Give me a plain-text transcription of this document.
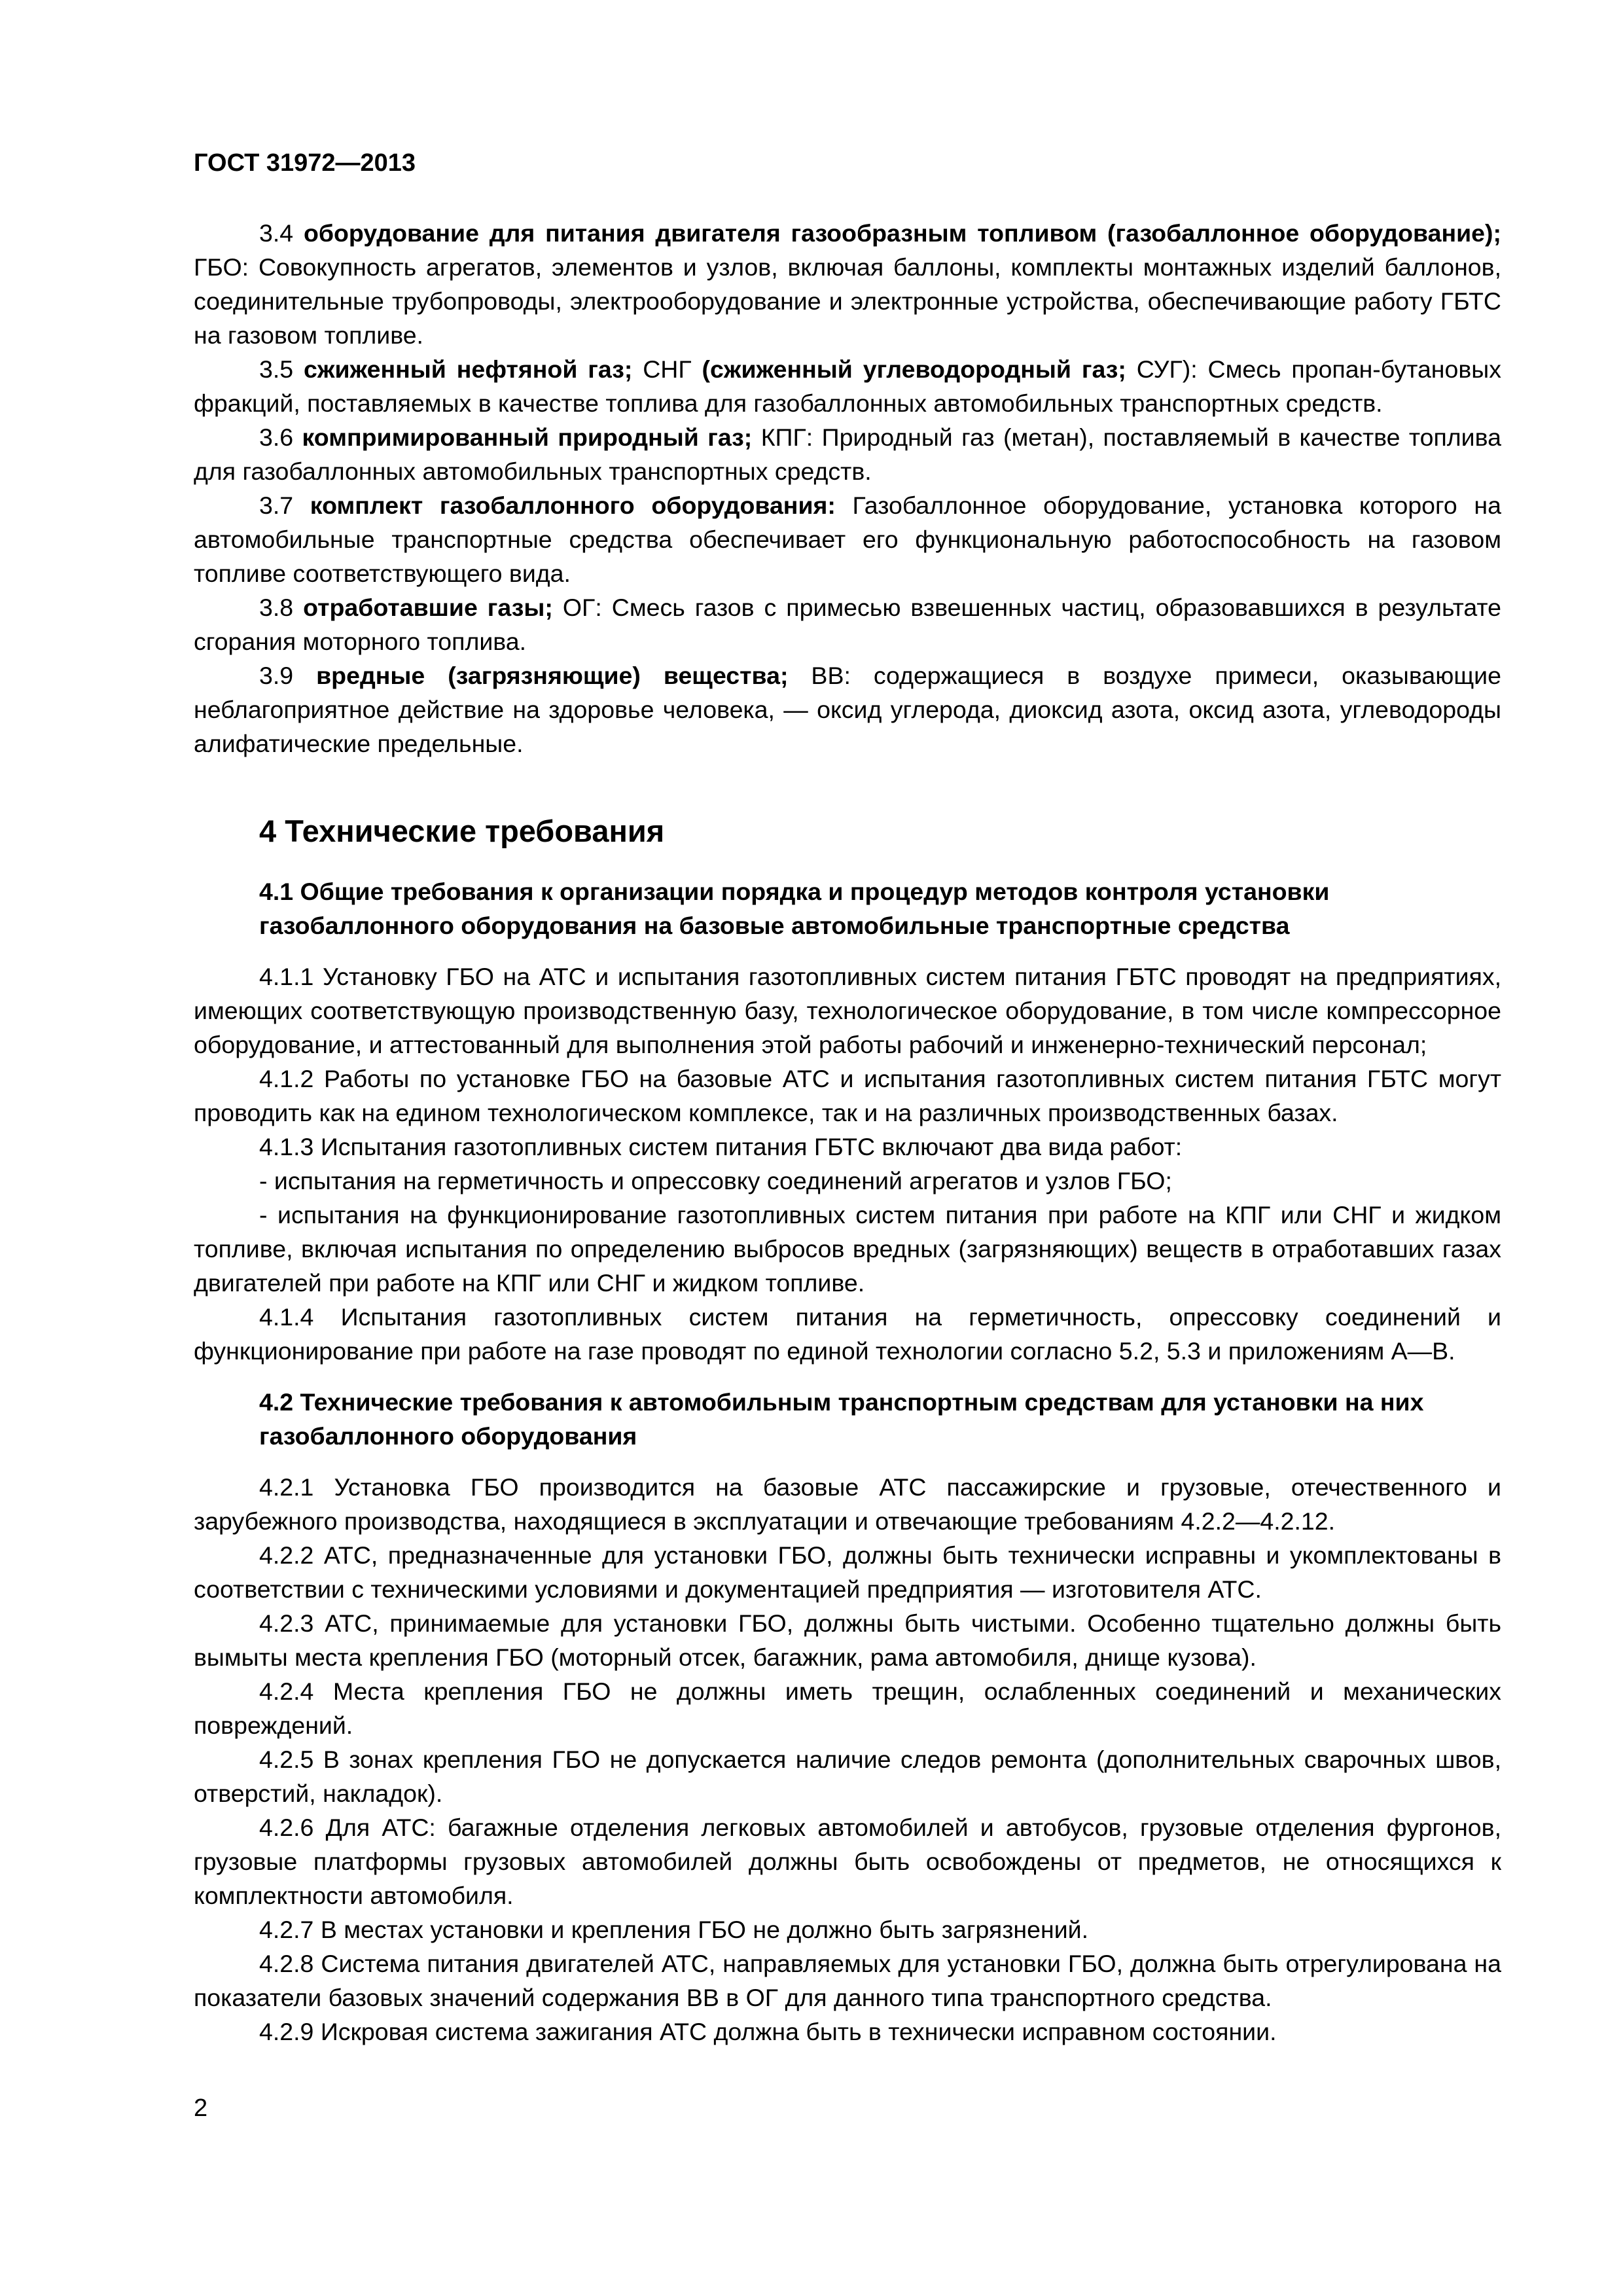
ГОСТ 31972—2013

3.4 оборудование для питания двигателя газообразным топливом (газобаллонное оборудование); ГБО: Совокупность агрегатов, элементов и узлов, включая баллоны, комплекты монтажных изделий баллонов, соединительные трубопроводы, электрооборудование и электронные устройства, обеспечивающие работу ГБТС на газовом топливе.

3.5 сжиженный нефтяной газ; СНГ (сжиженный углеводородный газ; СУГ): Смесь пропан-бутановых фракций, поставляемых в качестве топлива для газобаллонных автомобильных транспортных средств.

3.6 компримированный природный газ; КПГ: Природный газ (метан), поставляемый в качестве топлива для газобаллонных автомобильных транспортных средств.

3.7 комплект газобаллонного оборудования: Газобаллонное оборудование, установка которого на автомобильные транспортные средства обеспечивает его функциональную работоспособность на газовом топливе соответствующего вида.

3.8 отработавшие газы; ОГ: Смесь газов с примесью взвешенных частиц, образовавшихся в результате сгорания моторного топлива.

3.9 вредные (загрязняющие) вещества; ВВ: содержащиеся в воздухе примеси, оказывающие неблагоприятное действие на здоровье человека, — оксид углерода, диоксид азота, оксид азота, углеводороды алифатические предельные.

4 Технические требования
4.1 Общие требования к организации порядка и процедур методов контроля установки газобаллонного оборудования на базовые автомобильные транспортные средства

4.1.1 Установку ГБО на АТС и испытания газотопливных систем питания ГБТС проводят на предприятиях, имеющих соответствующую производственную базу, технологическое оборудование, в том числе компрессорное оборудование, и аттестованный для выполнения этой работы рабочий и инженерно-технический персонал;

4.1.2 Работы по установке ГБО на базовые АТС и испытания газотопливных систем питания ГБТС могут проводить как на едином технологическом комплексе, так и на различных производственных базах.

4.1.3 Испытания газотопливных систем питания ГБТС включают два вида работ:

- испытания на герметичность и опрессовку соединений агрегатов и узлов ГБО;

- испытания на функционирование газотопливных систем питания при работе на КПГ или СНГ и жидком топливе, включая испытания по определению выбросов вредных (загрязняющих) веществ в отработавших газах двигателей при работе на КПГ или СНГ и жидком топливе.

4.1.4 Испытания газотопливных систем питания на герметичность, опрессовку соединений и функционирование при работе на газе проводят по единой технологии согласно 5.2, 5.3 и приложениям А—В.

4.2 Технические требования к автомобильным транспортным средствам для установки на них газобаллонного оборудования

4.2.1 Установка ГБО производится на базовые АТС пассажирские и грузовые, отечественного и зарубежного производства, находящиеся в эксплуатации и отвечающие требованиям 4.2.2—4.2.12.

4.2.2 АТС, предназначенные для установки ГБО, должны быть технически исправны и укомплектованы в соответствии с техническими условиями и документацией предприятия — изготовителя АТС.

4.2.3 АТС, принимаемые для установки ГБО, должны быть чистыми. Особенно тщательно должны быть вымыты места крепления ГБО (моторный отсек, багажник, рама автомобиля, днище кузова).

4.2.4 Места крепления ГБО не должны иметь трещин, ослабленных соединений и механических повреждений.

4.2.5 В зонах крепления ГБО не допускается наличие следов ремонта (дополнительных сварочных швов, отверстий, накладок).

4.2.6 Для АТС: багажные отделения легковых автомобилей и автобусов, грузовые отделения фургонов, грузовые платформы грузовых автомобилей должны быть освобождены от предметов, не относящихся к комплектности автомобиля.

4.2.7 В местах установки и крепления ГБО не должно быть загрязнений.

4.2.8 Система питания двигателей АТС, направляемых для установки ГБО, должна быть отрегулирована на показатели базовых значений содержания ВВ в ОГ для данного типа транспортного средства.

4.2.9 Искровая система зажигания АТС должна быть в технически исправном состоянии.

2
